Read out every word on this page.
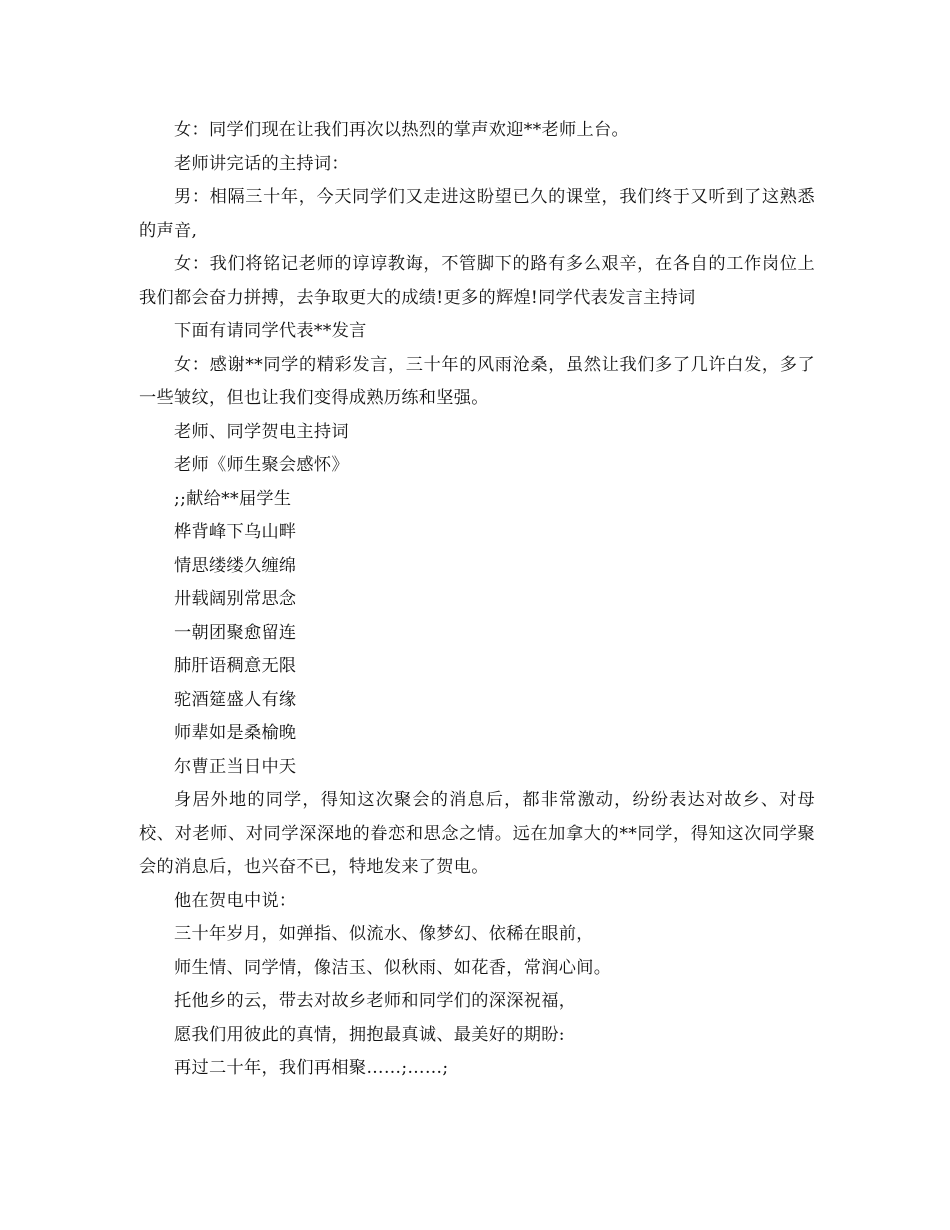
女：同学们现在让我们再次以热烈的掌声欢迎**老师上台。

老师讲完话的主持词：

男：相隔三十年，今天同学们又走进这盼望已久的课堂，我们终于又听到了这熟悉的声音,

女：我们将铭记老师的谆谆教诲，不管脚下的路有多么艰辛，在各自的工作岗位上我们都会奋力拼搏，去争取更大的成绩!更多的辉煌!同学代表发言主持词

下面有请同学代表**发言

女：感谢**同学的精彩发言，三十年的风雨沧桑，虽然让我们多了几许白发，多了一些皱纹，但也让我们变得成熟历练和坚强。

老师、同学贺电主持词

老师《师生聚会感怀》

;;献给**届学生

桦背峰下乌山畔

情思缕缕久缠绵

卅载阔别常思念

一朝团聚愈留连

肺肝语稠意无限

驼酒筵盛人有缘

师辈如是桑榆晚

尔曹正当日中天

身居外地的同学，得知这次聚会的消息后，都非常激动，纷纷表达对故乡、对母校、对老师、对同学深深地的眷恋和思念之情。远在加拿大的**同学，得知这次同学聚会的消息后，也兴奋不已，特地发来了贺电。

他在贺电中说：

三十年岁月，如弹指、似流水、像梦幻、依稀在眼前，

师生情、同学情，像洁玉、似秋雨、如花香，常润心间。

托他乡的云，带去对故乡老师和同学们的深深祝福，

愿我们用彼此的真情，拥抱最真诚、最美好的期盼:

再过二十年，我们再相聚……;……;
